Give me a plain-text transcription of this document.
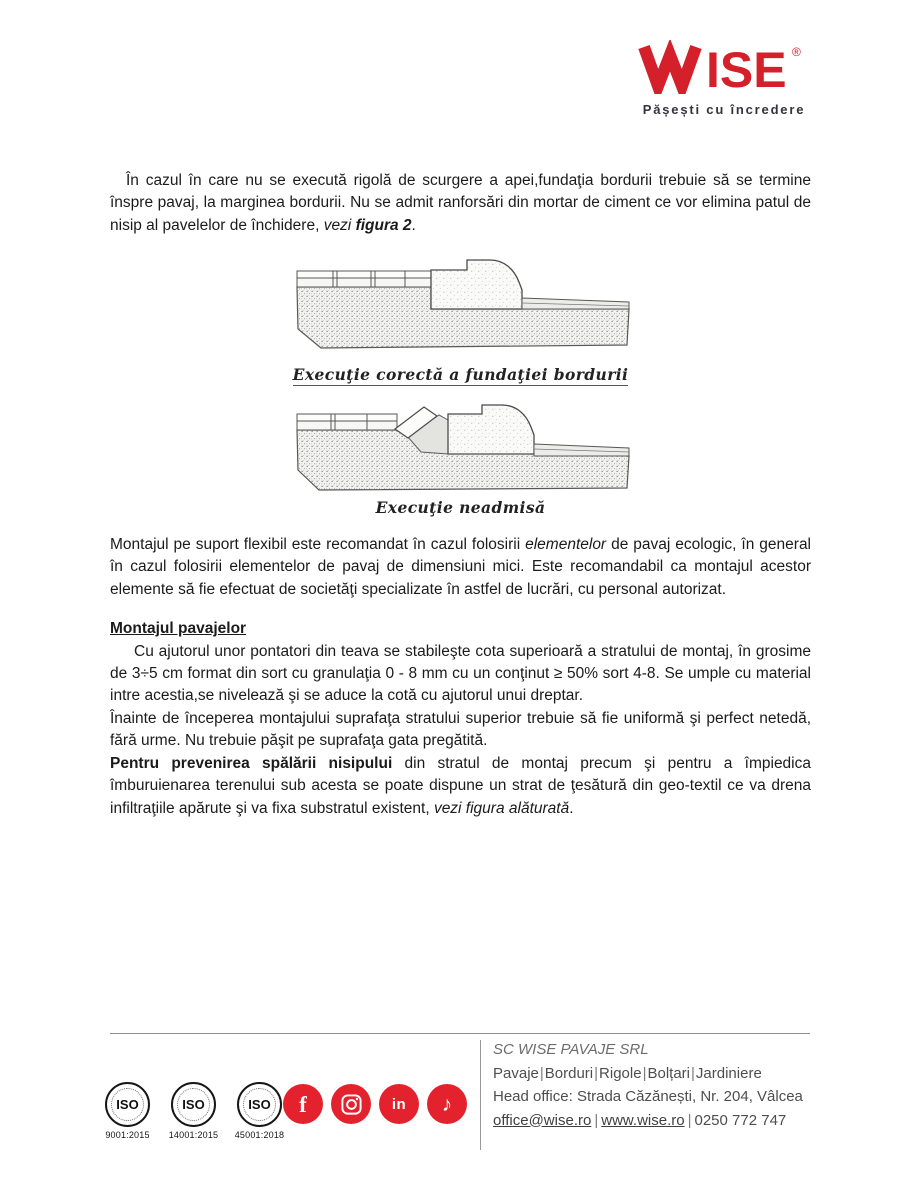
ISE ®
Pășești cu încredere

În cazul în care nu se execută rigolă de scurgere a apei,fundaţia bordurii trebuie să se termine înspre pavaj, la marginea bordurii. Nu se admit ranforsări din mortar de ciment ce vor elimina patul de nisip al pavelelor de închidere, vezi figura 2.

Execuţie corectă a fundaţiei bordurii
Execuţie neadmisă

Montajul pe suport flexibil este recomandat în cazul folosirii elementelor de pavaj ecologic, în general în cazul folosirii elementelor de pavaj de dimensiuni mici. Este recomandabil ca montajul acestor elemente să fie efectuat de societăţi specializate în astfel de lucrări, cu personal autorizat.

Montajul pavajelor

Cu ajutorul unor pontatori din teava se stabileşte cota superioară a stratului de montaj, în grosime de 3÷5 cm format din sort cu granulaţia 0 - 8 mm cu un conţinut ≥ 50% sort 4-8. Se umple cu material intre acestia,se nivelează şi se aduce la cotă cu ajutorul unui dreptar.

Înainte de începerea montajului suprafaţa stratului superior trebuie să fie uniformă şi perfect netedă, fără urme. Nu trebuie păşit pe suprafaţa gata pregătită.

Pentru prevenirea spălării nisipului din stratul de montaj precum şi pentru a împiedica îmburuienarea terenului sub acesta se poate dispune un strat de ţesătură din geo-textil ce va drena infiltraţiile apărute şi va fixa substratul existent, vezi figura alăturată.

ISO
9001:2015
ISO
14001:2015
ISO
45001:2018
f	in ♪
SC WISE PAVAJE SRL
Pavaje|Borduri|Rigole|Bolțari|Jardiniere
Head office: Strada Căzănești, Nr. 204, Vâlcea
office@wise.ro | www.wise.ro | 0250 772 747
